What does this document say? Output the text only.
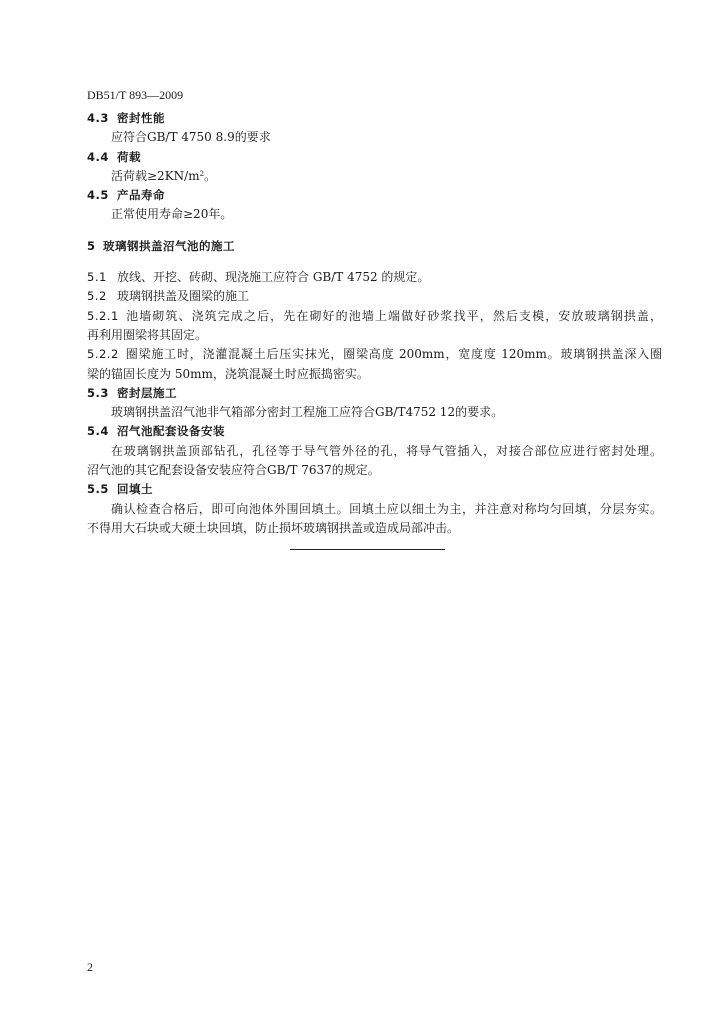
DB51/T 893—2009
4.3 密封性能
应符合GB/T 4750 8.9的要求
4.4 荷载
活荷载$\ge 2KN/m^2$。
4.5 产品寿命
正常使用寿命≥20年。
5 玻璃钢拱盖沼气池的施工
5.1 放线、开挖、砖砌、现浇施工应符合 GB/T 4752 的规定。
5.2 玻璃钢拱盖及圈梁的施工
5.2.1 池墙砌筑、浇筑完成之后，先在砌好的池墙上端做好砂浆找平，然后支模，安放玻璃钢拱盖，
再利用圈梁将其固定。
5.2.2 圈梁施工时，浇灌混凝土后压实抹光，圈梁高度 200mm，宽度度 120mm。玻璃钢拱盖深入圈
梁的锚固长度为 50mm，浇筑混凝土时应振捣密实。
5.3 密封层施工
玻璃钢拱盖沼气池非气箱部分密封工程施工应符合GB/T4752 12的要求。
5.4 沼气池配套设备安装
在玻璃钢拱盖顶部钻孔，孔径等于导气管外径的孔，将导气管插入，对接合部位应进行密封处理。
沼气池的其它配套设备安装应符合GB/T 7637的规定。
5.5 回填土
确认检查合格后，即可向池体外围回填土。回填土应以细土为主，并注意对称均匀回填，分层夯实。
不得用大石块或大硬土块回填，防止损坏玻璃钢拱盖或造成局部冲击。
2
